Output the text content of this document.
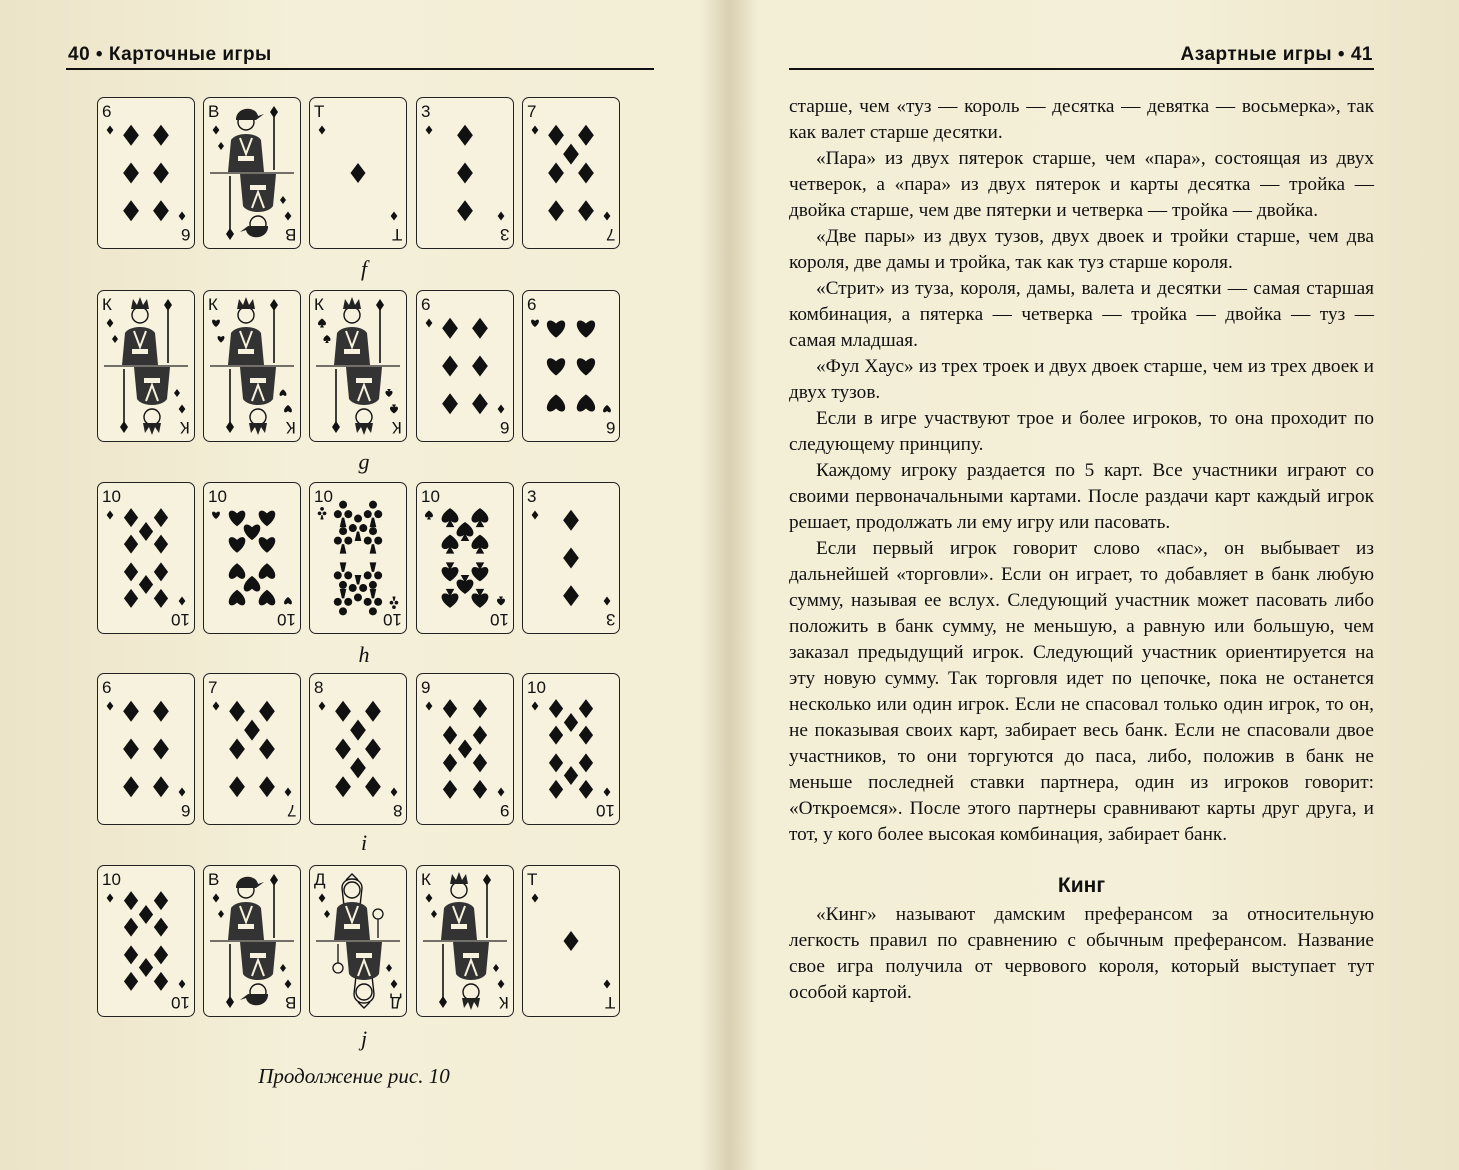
40 • Карточные игры
6
6
В
В
Т
Т
3
3
7
7
f
К
К
К
К
К
К
6
6
6
6
g
10
10
10
10
10
10
10
10
3
3
h
6
6
7
7
8
8
9
9
10
10
i
10
10
В
В
Д
Д
К
К
Т
Т
j
Продолжение рис. 10
Азартные игры • 41

старше, чем «туз — король — десятка — девятка — восьмерка», так как валет старше десятки.

«Пара» из двух пятерок старше, чем «пара», состоящая из двух четверок, а «пара» из двух пятерок и карты десятка — тройка — двойка старше, чем две пятерки и четверка — тройка — двойка.

«Две пары» из двух тузов, двух двоек и тройки старше, чем два короля, две дамы и тройка, так как туз старше короля.

«Стрит» из туза, короля, дамы, валета и десятки — самая старшая комбинация, а пятерка — четверка — тройка — двойка — туз — самая младшая.

«Фул Хаус» из трех троек и двух двоек старше, чем из трех двоек и двух тузов.

Если в игре участвуют трое и более игроков, то она проходит по следующему принципу.

Каждому игроку раздается по 5 карт. Все участники играют со своими первоначальными картами. После раздачи карт каждый игрок решает, продолжать ли ему игру или пасовать.

Если первый игрок говорит слово «пас», он выбывает из дальнейшей «торговли». Если он играет, то добавляет в банк любую сумму, называя ее вслух. Следующий участник может пасовать либо положить в банк сумму, не меньшую, а равную или большую, чем заказал предыдущий игрок. Следующий участник ориентируется на эту новую сумму. Так торговля идет по цепочке, пока не останется несколько или один игрок. Если не спасовал только один игрок, то он, не показывая своих карт, забирает весь банк. Если не спасовали двое участников, то они торгуются до паса, либо, положив в банк не меньше последней ставки партнера, один из игроков говорит: «Откроемся». После этого партнеры сравнивают карты друг друга, и тот, у кого более высокая комбинация, забирает банк.

Кинг

«Кинг» называют дамским преферансом за относительную легкость правил по сравнению с обычным преферансом. Название свое игра получила от червового короля, который выступает тут особой картой.
